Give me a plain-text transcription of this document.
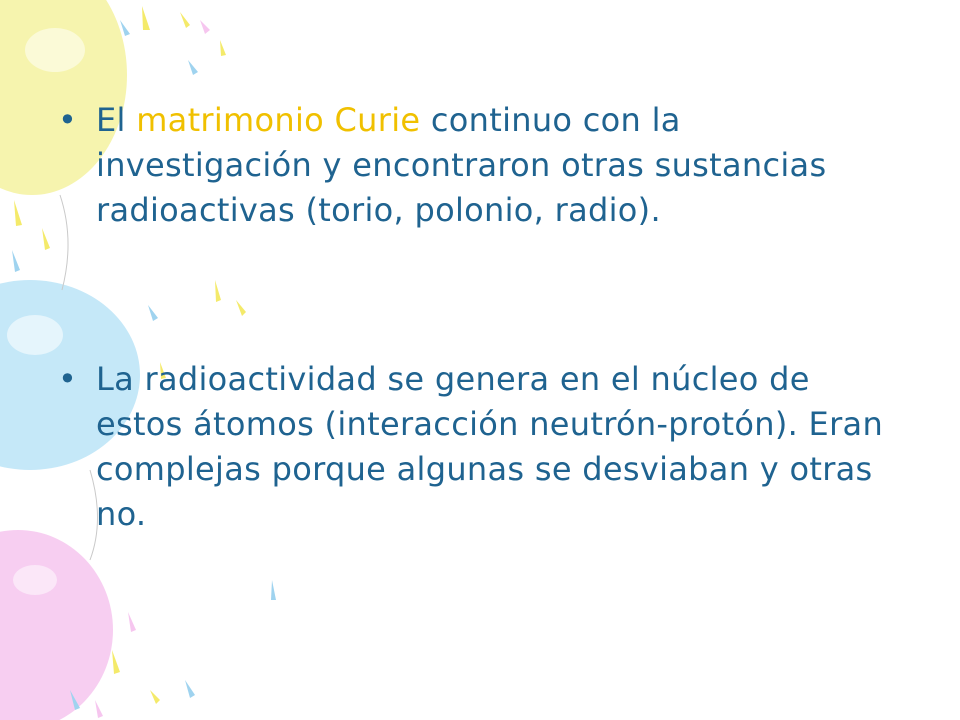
• El matrimonio Curie continuo con la investigación y encontraron otras sustancias radioactivas (torio, polonio, radio).
• La radioactividad se genera en el núcleo de estos átomos (interacción neutrón-protón). Eran complejas porque algunas se desviaban y otras no.
